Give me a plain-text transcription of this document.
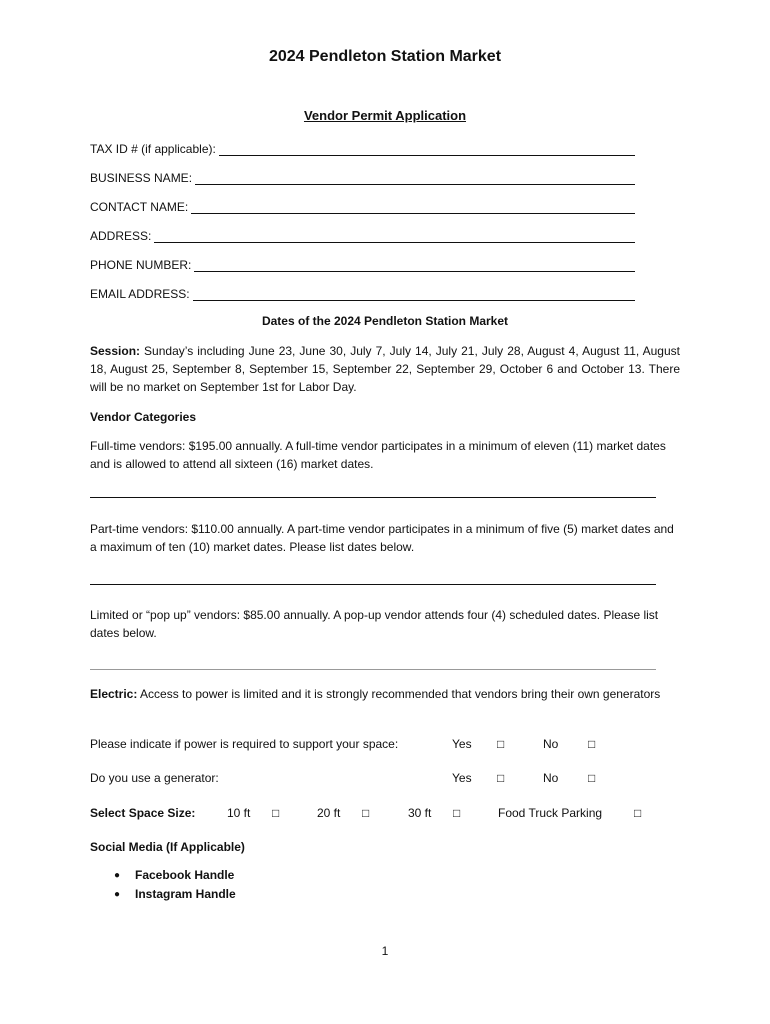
2024 Pendleton Station Market
Vendor Permit Application
TAX ID # (if applicable):
BUSINESS NAME:
CONTACT NAME:
ADDRESS:
PHONE NUMBER:
EMAIL ADDRESS:
Dates of the 2024 Pendleton Station Market
Session: Sunday’s including June 23, June 30, July 7, July 14, July 21, July 28, August 4, August 11, August 18, August 25, September 8, September 15, September 22, September 29, October 6 and October 13. There will be no market on September 1st for Labor Day.
Vendor Categories
Full-time vendors: $195.00 annually. A full-time vendor participates in a minimum of eleven (11) market dates and is allowed to attend all sixteen (16) market dates.
Part-time vendors: $110.00 annually. A part-time vendor participates in a minimum of five (5) market dates and a maximum of ten (10) market dates. Please list dates below.
Limited or “pop up” vendors: $85.00 annually. A pop-up vendor attends four (4) scheduled dates. Please list dates below.
Electric: Access to power is limited and it is strongly recommended that vendors bring their own generators
Please indicate if power is required to support your space:	Yes □	No □
Do you use a generator:	Yes □	No □
Select Space Size:	10 ft □	20 ft □	30 ft □	Food Truck Parking	□
Social Media (If Applicable)
● Facebook Handle
● Instagram Handle
1
